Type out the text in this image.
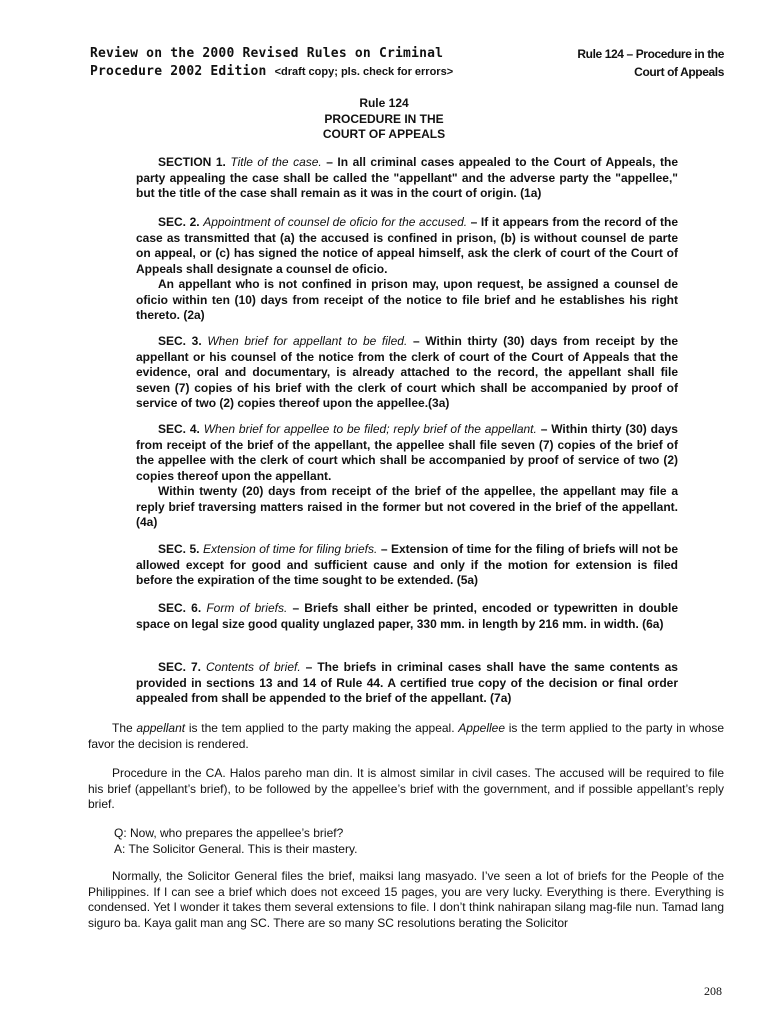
Review on the 2000 Revised Rules on Criminal
Procedure 2002 Edition <draft copy; pls. check for errors>
Rule 124 – Procedure in the
Court of Appeals
Rule 124
PROCEDURE IN THE
COURT OF APPEALS

SECTION 1. Title of the case. – In all criminal cases appealed to the Court of Appeals, the party appealing the case shall be called the "appellant" and the adverse party the "appellee," but the title of the case shall remain as it was in the court of origin. (1a)

SEC. 2. Appointment of counsel de oficio for the accused. – If it appears from the record of the case as transmitted that (a) the accused is confined in prison, (b) is without counsel de parte on appeal, or (c) has signed the notice of appeal himself, ask the clerk of court of the Court of Appeals shall designate a counsel de oficio.

An appellant who is not confined in prison may, upon request, be assigned a counsel de oficio within ten (10) days from receipt of the notice to file brief and he establishes his right thereto. (2a)

SEC. 3. When brief for appellant to be filed. – Within thirty (30) days from receipt by the appellant or his counsel of the notice from the clerk of court of the Court of Appeals that the evidence, oral and documentary, is already attached to the record, the appellant shall file seven (7) copies of his brief with the clerk of court which shall be accompanied by proof of service of two (2) copies thereof upon the appellee.(3a)

SEC. 4. When brief for appellee to be filed; reply brief of the appellant. – Within thirty (30) days from receipt of the brief of the appellant, the appellee shall file seven (7) copies of the brief of the appellee with the clerk of court which shall be accompanied by proof of service of two (2) copies thereof upon the appellant.

Within twenty (20) days from receipt of the brief of the appellee, the appellant may file a reply brief traversing matters raised in the former but not covered in the brief of the appellant. (4a)

SEC. 5. Extension of time for filing briefs. – Extension of time for the filing of briefs will not be allowed except for good and sufficient cause and only if the motion for extension is filed before the expiration of the time sought to be extended. (5a)

SEC. 6. Form of briefs. – Briefs shall either be printed, encoded or typewritten in double space on legal size good quality unglazed paper, 330 mm. in length by 216 mm. in width. (6a)

SEC. 7. Contents of brief. – The briefs in criminal cases shall have the same contents as provided in sections 13 and 14 of Rule 44. A certified true copy of the decision or final order appealed from shall be appended to the brief of the appellant. (7a)

The appellant is the tem applied to the party making the appeal. Appellee is the term applied to the party in whose favor the decision is rendered.

Procedure in the CA. Halos pareho man din. It is almost similar in civil cases. The accused will be required to file his brief (appellant’s brief), to be followed by the appellee’s brief with the government, and if possible appellant’s reply brief.

Q: Now, who prepares the appellee’s brief?

A: The Solicitor General. This is their mastery.

Normally, the Solicitor General files the brief, maiksi lang masyado. I’ve seen a lot of briefs for the People of the Philippines. If I can see a brief which does not exceed 15 pages, you are very lucky. Everything is there. Everything is condensed. Yet I wonder it takes them several extensions to file. I don’t think nahirapan silang mag-file nun. Tamad lang siguro ba. Kaya galit man ang SC. There are so many SC resolutions berating the Solicitor

208
